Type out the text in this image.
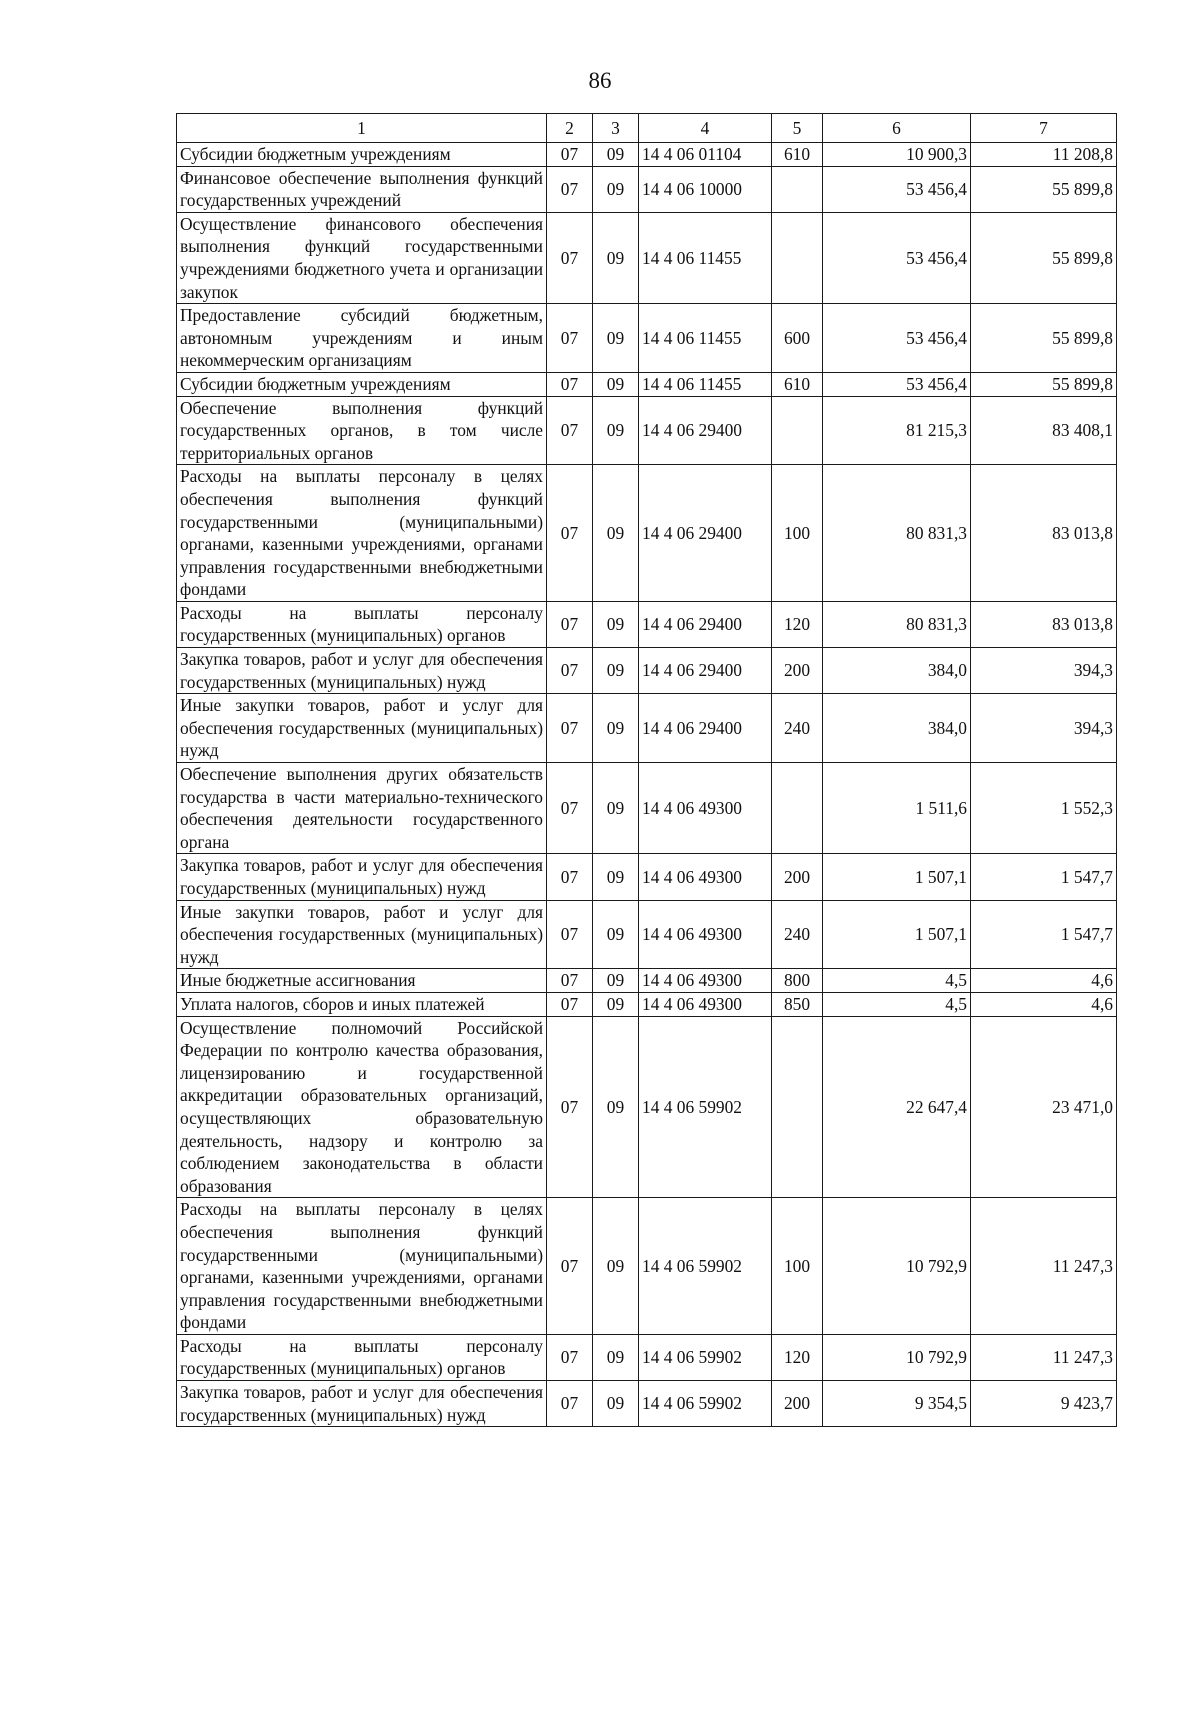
86
1	2	3	4	5	6	7
Субсидии бюджетным учреждениям	07	09	14 4 06 01104	610	10 900,3	11 208,8
Финансовое обеспечение выполнения функций государственных учреждений	07	09	14 4 06 10000		53 456,4	55 899,8
Осуществление финансового обеспечения выполнения функций государственными учреждениями бюджетного учета и организации закупок	07	09	14 4 06 11455		53 456,4	55 899,8
Предоставление субсидий бюджетным, автономным учреждениям и иным некоммерческим организациям	07	09	14 4 06 11455	600	53 456,4	55 899,8
Субсидии бюджетным учреждениям	07	09	14 4 06 11455	610	53 456,4	55 899,8
Обеспечение выполнения функций государственных органов, в том числе территориальных органов	07	09	14 4 06 29400		81 215,3	83 408,1
Расходы на выплаты персоналу в целях обеспечения выполнения функций государственными (муниципальными) органами, казенными учреждениями, органами управления государственными внебюджетными фондами	07	09	14 4 06 29400	100	80 831,3	83 013,8
Расходы на выплаты персоналу государственных (муниципальных) органов	07	09	14 4 06 29400	120	80 831,3	83 013,8
Закупка товаров, работ и услуг для обеспечения государственных (муниципальных) нужд	07	09	14 4 06 29400	200	384,0	394,3
Иные закупки товаров, работ и услуг для обеспечения государственных (муниципальных) нужд	07	09	14 4 06 29400	240	384,0	394,3
Обеспечение выполнения других обязательств государства в части материально-технического обеспечения деятельности государственного органа	07	09	14 4 06 49300		1 511,6	1 552,3
Закупка товаров, работ и услуг для обеспечения государственных (муниципальных) нужд	07	09	14 4 06 49300	200	1 507,1	1 547,7
Иные закупки товаров, работ и услуг для обеспечения государственных (муниципальных) нужд	07	09	14 4 06 49300	240	1 507,1	1 547,7
Иные бюджетные ассигнования	07	09	14 4 06 49300	800	4,5	4,6
Уплата налогов, сборов и иных платежей	07	09	14 4 06 49300	850	4,5	4,6
Осуществление полномочий Российской Федерации по контролю качества образования, лицензированию и государственной аккредитации образовательных организаций, осуществляющих образовательную деятельность, надзору и контролю за соблюдением законодательства в области образования	07	09	14 4 06 59902		22 647,4	23 471,0
Расходы на выплаты персоналу в целях обеспечения выполнения функций государственными (муниципальными) органами, казенными учреждениями, органами управления государственными внебюджетными фондами	07	09	14 4 06 59902	100	10 792,9	11 247,3
Расходы на выплаты персоналу государственных (муниципальных) органов	07	09	14 4 06 59902	120	10 792,9	11 247,3
Закупка товаров, работ и услуг для обеспечения государственных (муниципальных) нужд	07	09	14 4 06 59902	200	9 354,5	9 423,7
